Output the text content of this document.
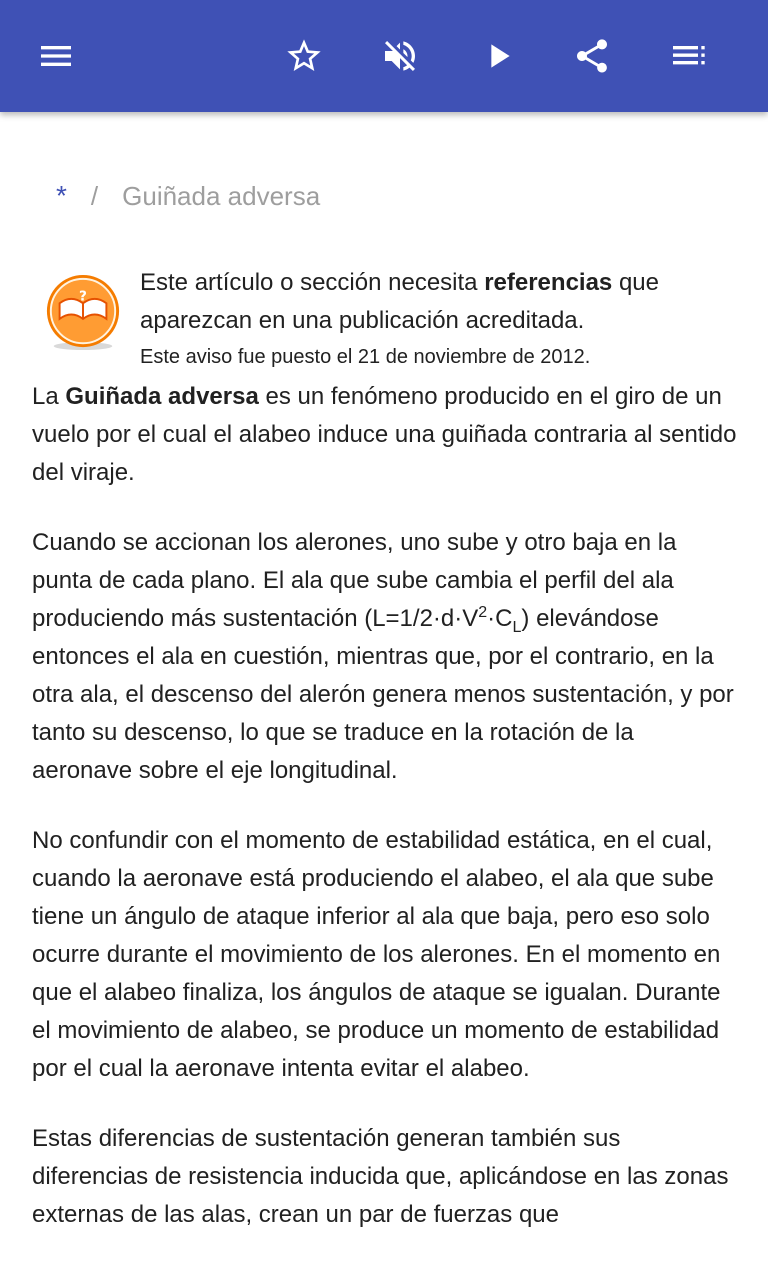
* / Guiñada adversa
?
Este artículo o sección necesita referencias que aparezcan en una publicación acreditada.
Este aviso fue puesto el 21 de noviembre de 2012.

La Guiñada adversa es un fenómeno producido en el giro de un vuelo por el cual el alabeo induce una guiñada contraria al sentido del viraje.

Cuando se accionan los alerones, uno sube y otro baja en la punta de cada plano. El ala que sube cambia el perfil del ala produciendo más sustentación $(L=1/2\cdot d\cdot V^2\cdot C_L)$ elevándose entonces el ala en cuestión, mientras que, por el contrario, en la otra ala, el descenso del alerón genera menos sustentación, y por tanto su descenso, lo que se traduce en la rotación de la aeronave sobre el eje longitudinal.

No confundir con el momento de estabilidad estática, en el cual, cuando la aeronave está produciendo el alabeo, el ala que sube tiene un ángulo de ataque inferior al ala que baja, pero eso solo ocurre durante el movimiento de los alerones. En el momento en que el alabeo finaliza, los ángulos de ataque se igualan. Durante el movimiento de alabeo, se produce un momento de estabilidad por el cual la aeronave intenta evitar el alabeo.

Estas diferencias de sustentación generan también sus diferencias de resistencia inducida que, aplicándose en las zonas externas de las alas, crean un par de fuerzas que
